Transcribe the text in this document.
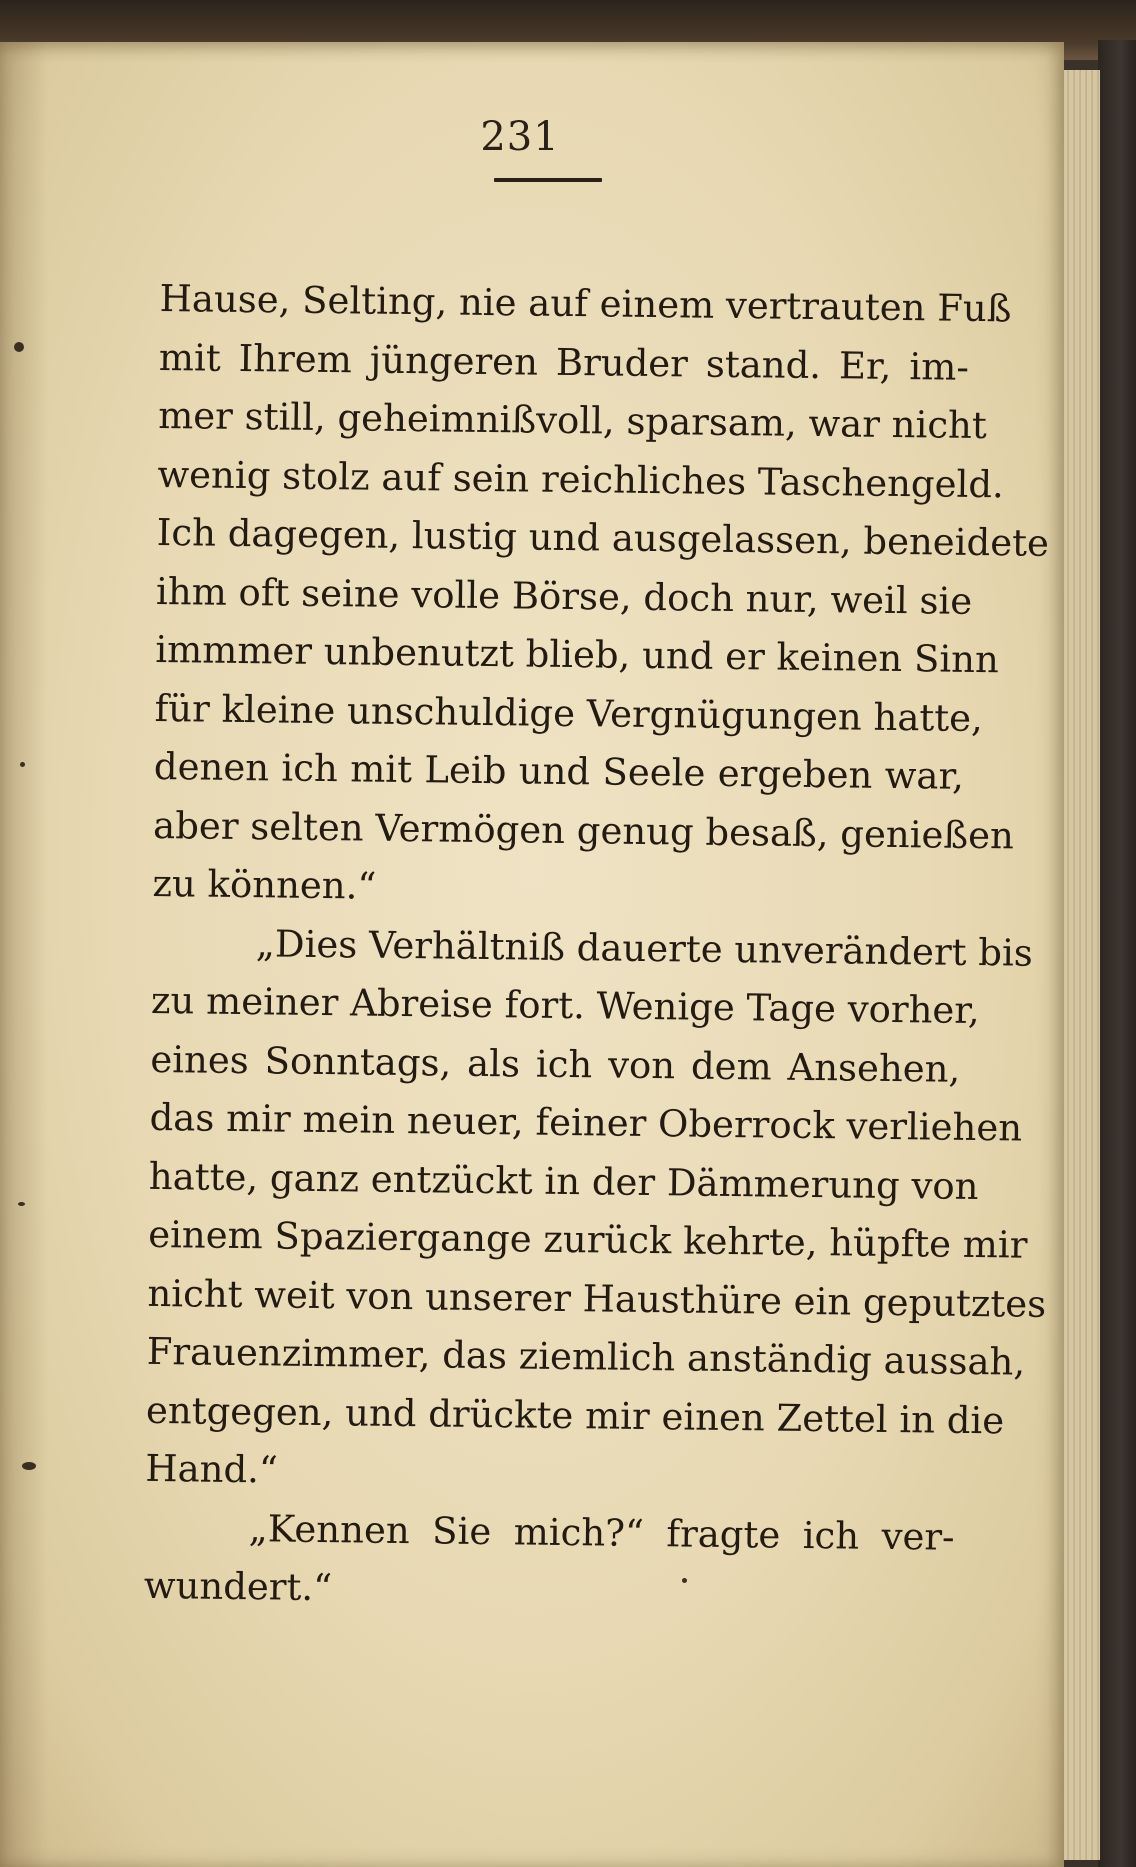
231
Hause, Selting, nie auf einem vertrauten Fuß
mit Ihrem jüngeren Bruder stand. Er, im-
mer still, geheimnißvoll, sparsam, war nicht
wenig stolz auf sein reichliches Taschengeld.
Ich dagegen, lustig und ausgelassen, beneidete
ihm oft seine volle Börse, doch nur, weil sie
immmer unbenutzt blieb, und er keinen Sinn
für kleine unschuldige Vergnügungen hatte,
denen ich mit Leib und Seele ergeben war,
aber selten Vermögen genug besaß, genießen
zu können.“
„Dies Verhältniß dauerte unverändert bis
zu meiner Abreise fort. Wenige Tage vorher,
eines Sonntags, als ich von dem Ansehen,
das mir mein neuer, feiner Oberrock verliehen
hatte, ganz entzückt in der Dämmerung von
einem Spaziergange zurück kehrte, hüpfte mir
nicht weit von unserer Hausthüre ein geputztes
Frauenzimmer, das ziemlich anständig aussah,
entgegen, und drückte mir einen Zettel in die
Hand.“
„Kennen Sie mich?“ fragte ich ver-
wundert.“
